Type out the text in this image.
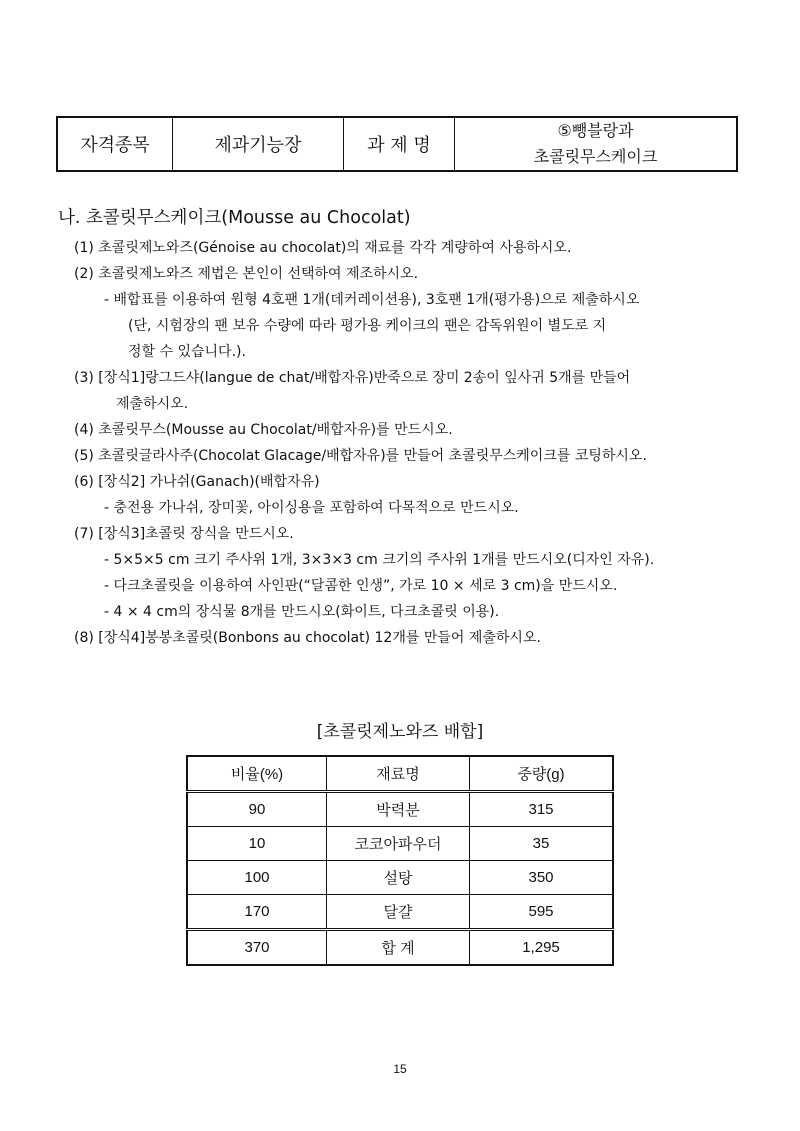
자격종목	제과기능장	과 제 명	
⑤뺑블랑과
초콜릿무스케이크
나. 초콜릿무스케이크(Mousse au Chocolat)
(1) 초콜릿제노와즈(Génoise au chocolat)의 재료를 각각 계량하여 사용하시오.
(2) 초콜릿제노와즈 제법은 본인이 선택하여 제조하시오.
- 배합표를 이용하여 원형 4호팬 1개(데커레이션용), 3호팬 1개(평가용)으로 제출하시오
(단, 시험장의 팬 보유 수량에 따라 평가용 케이크의 팬은 감독위원이 별도로 지
정할 수 있습니다.).
(3) [장식1]랑그드샤(langue de chat/배합자유)반죽으로 장미 2송이 잎사귀 5개를 만들어
제출하시오.
(4) 초콜릿무스(Mousse au Chocolat/배합자유)를 만드시오.
(5) 초콜릿글라사주(Chocolat Glacage/배합자유)를 만들어 초콜릿무스케이크를 코팅하시오.
(6) [장식2] 가나쉬(Ganach)(배합자유)
- 충전용 가나쉬, 장미꽃, 아이싱용을 포함하여 다목적으로 만드시오.
(7) [장식3]초콜릿 장식을 만드시오.
- 5×5×5 cm 크기 주사위 1개, 3×3×3 cm 크기의 주사위 1개를 만드시오(디자인 자유).
- 다크초콜릿을 이용하여 사인판(“달콤한 인생”, 가로 10 × 세로 3 cm)을 만드시오.
- 4 × 4 cm의 장식물 8개를 만드시오(화이트, 다크초콜릿 이용).
(8) [장식4]봉봉초콜릿(Bonbons au chocolat) 12개를 만들어 제출하시오.
[초콜릿제노와즈 배합]
비율(%)	재료명	중량(g)
90	박력분	315
10	코코아파우더	35
100	설탕	350
170	달걀	595
370	합 계	1,295
15
